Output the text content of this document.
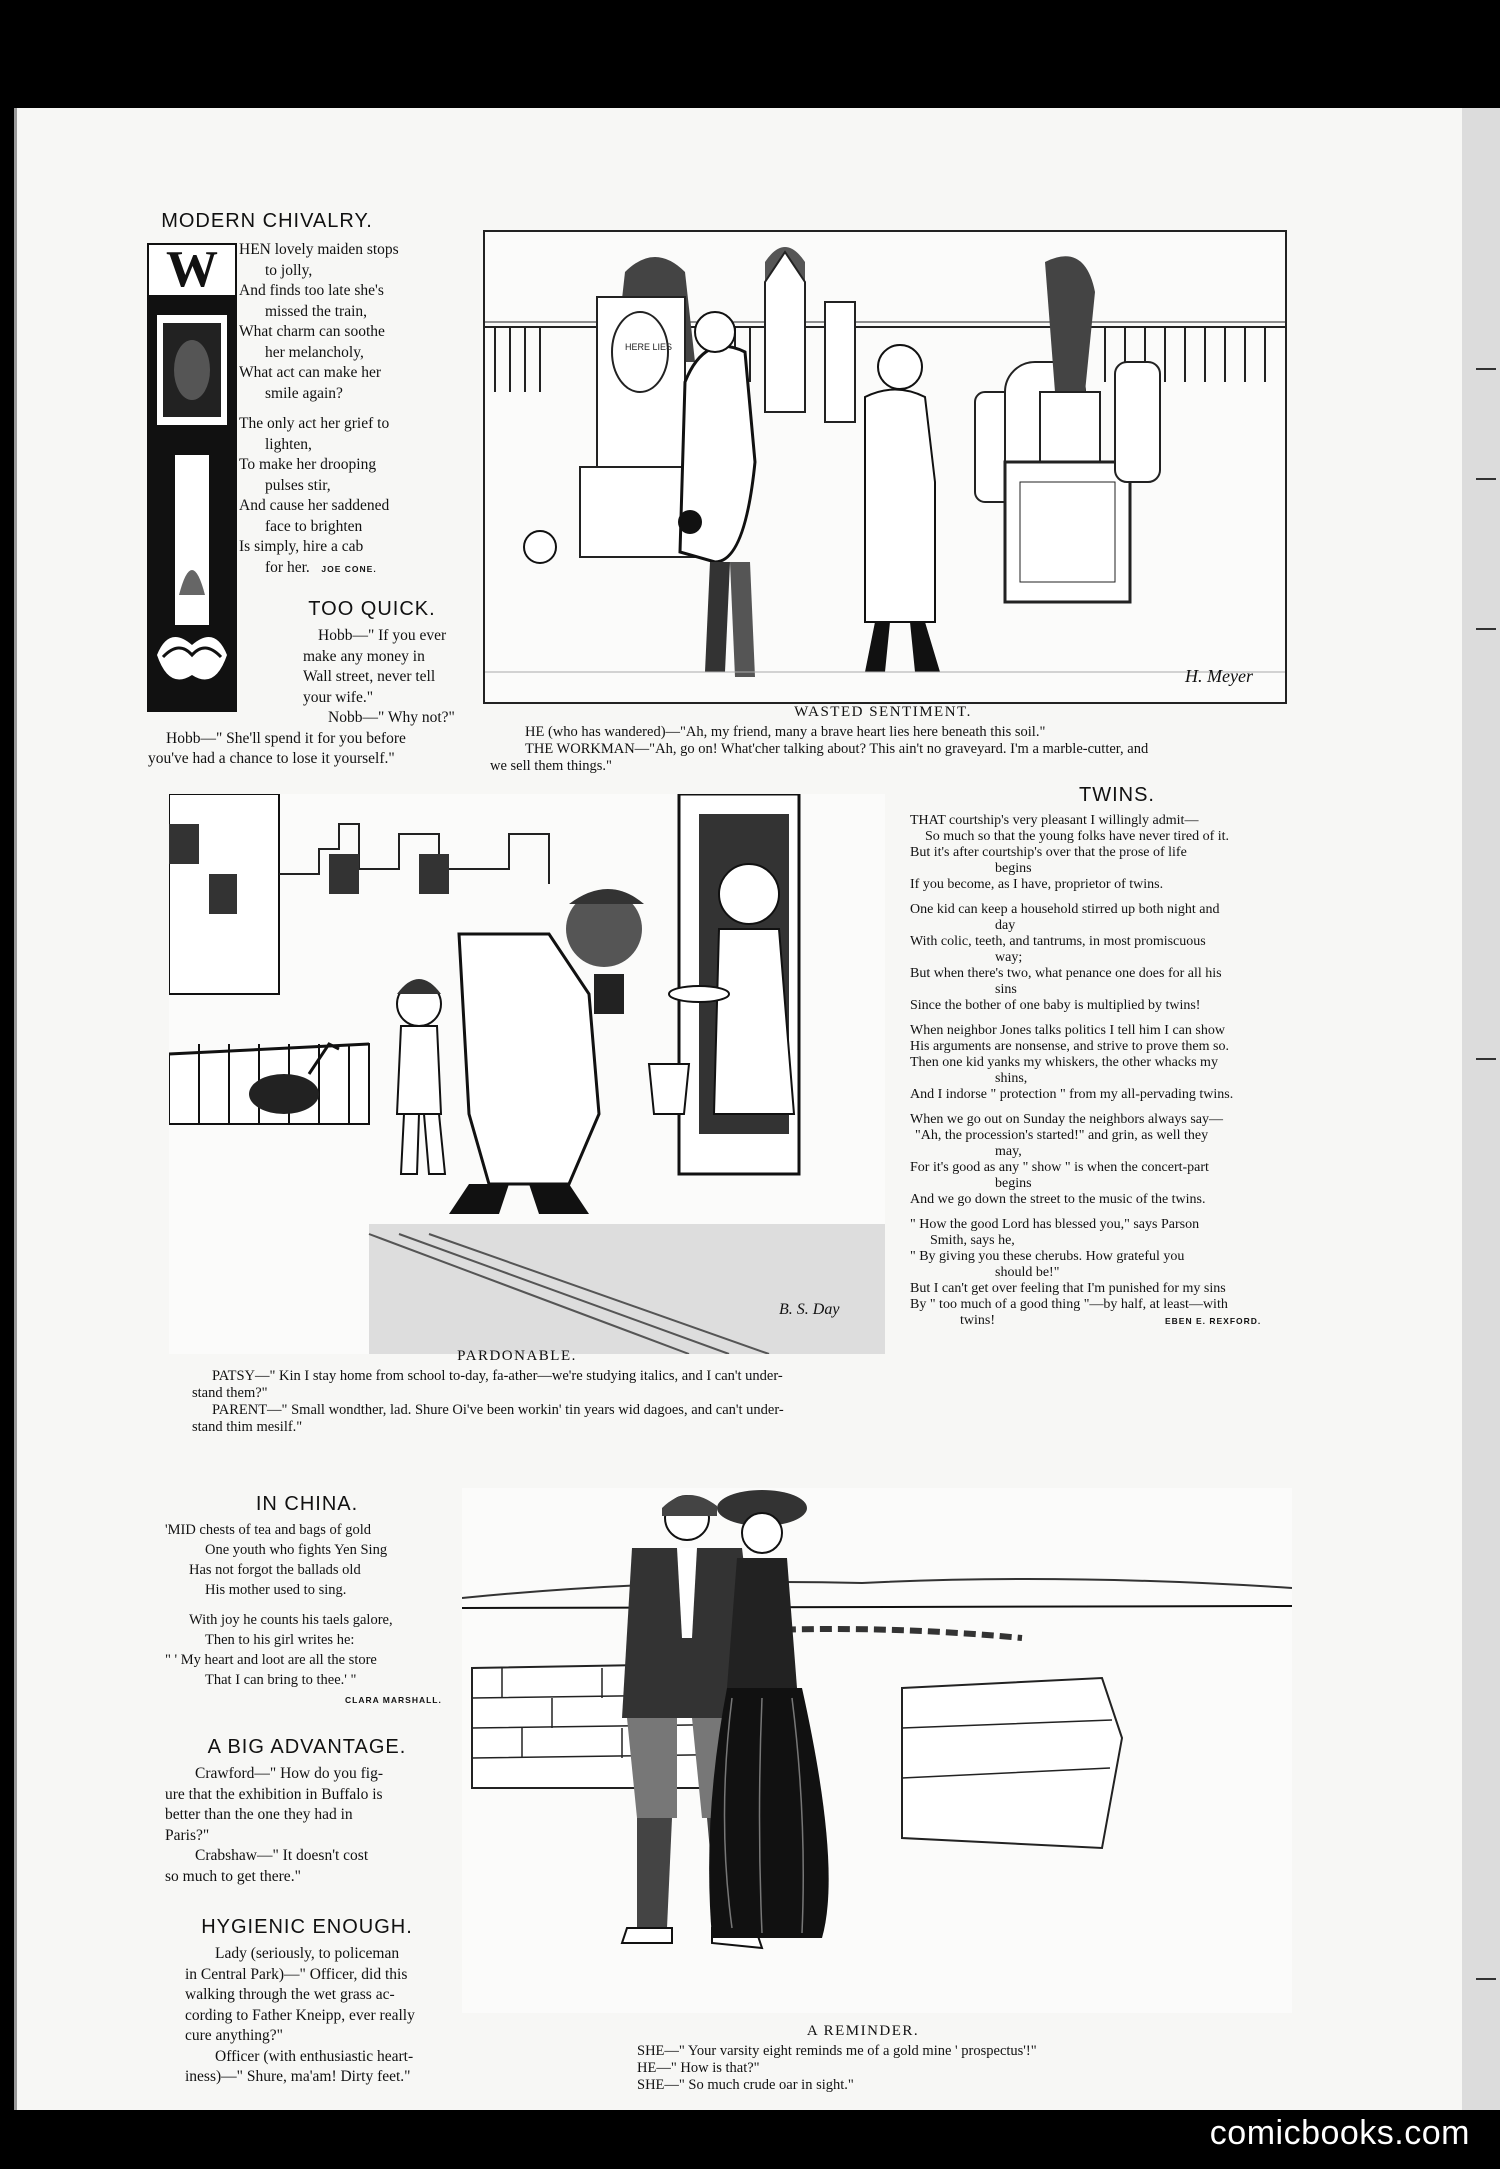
MODERN CHIVALRY.
W	HEN lovely maiden stops
to jolly,
And finds too late she's
missed the train,
What charm can soothe
her melancholy,
What act can make her
smile again?
The only act her grief to
lighten,
To make her drooping
pulses stir,
And cause her saddened
face to brighten
Is simply, hire a cab
for her. JOE CONE.
TOO QUICK.
Hobb—" If you ever
make any money in
Wall street, never tell
your wife."
Nobb—" Why not?"
Hobb—" She'll spend it for you before
you've had a chance to lose it yourself."
HERE LIES
H. Meyer
WASTED SENTIMENT.
HE (who has wandered)—"Ah, my friend, many a brave heart lies here beneath this soil."
THE WORKMAN—"Ah, go on! What'cher talking about? This ain't no graveyard. I'm a marble-cutter, and
we sell them things."
B. S. Day
PARDONABLE.
PATSY—" Kin I stay home from school to-day, fa-ather—we're studying italics, and I can't under-
stand them?"
PARENT—" Small wondther, lad. Shure Oi've been workin' tin years wid dagoes, and can't under-
stand thim mesilf."
TWINS.
THAT courtship's very pleasant I willingly admit—
So much so that the young folks have never tired of it.
But it's after courtship's over that the prose of life
begins
If you become, as I have, proprietor of twins.
One kid can keep a household stirred up both night and
day
With colic, teeth, and tantrums, in most promiscuous
way;
But when there's two, what penance one does for all his
sins
Since the bother of one baby is multiplied by twins!
When neighbor Jones talks politics I tell him I can show
His arguments are nonsense, and strive to prove them so.
Then one kid yanks my whiskers, the other whacks my
shins,
And I indorse " protection " from my all-pervading twins.
When we go out on Sunday the neighbors always say—
"Ah, the procession's started!" and grin, as well they
may,
For it's good as any " show " is when the concert-part
begins
And we go down the street to the music of the twins.
" How the good Lord has blessed you," says Parson
Smith, says he,
" By giving you these cherubs. How grateful you
should be!"
But I can't get over feeling that I'm punished for my sins
By " too much of a good thing "—by half, at least—with
twins!	EBEN E. REXFORD.
IN CHINA.
'MID chests of tea and bags of gold
One youth who fights Yen Sing
Has not forgot the ballads old
His mother used to sing.
With joy he counts his taels galore,
Then to his girl writes he:
" ' My heart and loot are all the store
That I can bring to thee.' "
CLARA MARSHALL.
A BIG ADVANTAGE.
Crawford—" How do you fig-
ure that the exhibition in Buffalo is
better than the one they had in
Paris?"
Crabshaw—" It doesn't cost
so much to get there."
HYGIENIC ENOUGH.
Lady (seriously, to policeman
in Central Park)—" Officer, did this
walking through the wet grass ac-
cording to Father Kneipp, ever really
cure anything?"
Officer (with enthusiastic heart-
iness)—" Shure, ma'am! Dirty feet."
A REMINDER.
SHE—" Your varsity eight reminds me of a gold mine ' prospectus'!"
HE—" How is that?"
SHE—" So much crude oar in sight."
comicbooks.com
